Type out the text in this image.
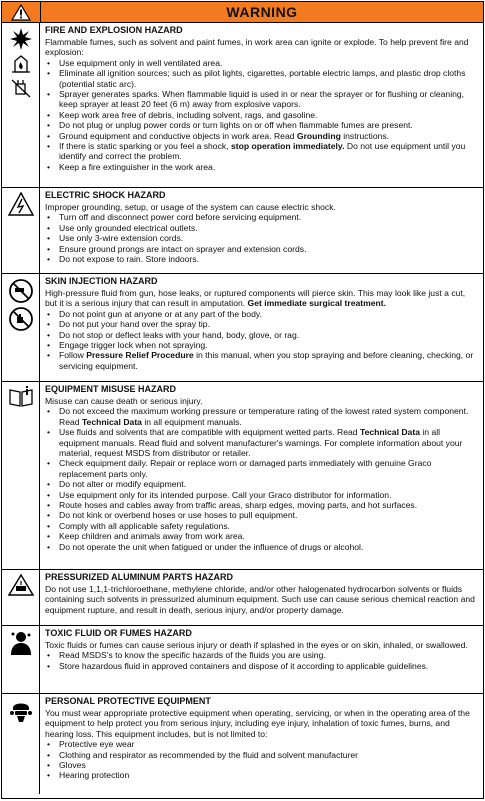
WARNING
FIRE AND EXPLOSION HAZARD

Flammable fumes, such as solvent and paint fumes, in work area can ignite or explode. To help prevent fire and explosion:

• Use equipment only in well ventilated area.
• Eliminate all ignition sources; such as pilot lights, cigarettes, portable electric lamps, and plastic drop cloths (potential static arc).
• Sprayer generates sparks. When flammable liquid is used in or near the sprayer or for flushing or cleaning, keep sprayer at least 20 feet (6 m) away from explosive vapors.
• Keep work area free of debris, including solvent, rags, and gasoline.
• Do not plug or unplug power cords or turn lights on or off when flammable fumes are present.
• Ground equipment and conductive objects in work area. Read Grounding instructions.
• If there is static sparking or you feel a shock, stop operation immediately. Do not use equipment until you identify and correct the problem.
• Keep a fire extinguisher in the work area.
ELECTRIC SHOCK HAZARD

Improper grounding, setup, or usage of the system can cause electric shock.

• Turn off and disconnect power cord before servicing equipment.
• Use only grounded electrical outlets.
• Use only 3-wire extension cords.
• Ensure ground prongs are intact on sprayer and extension cords.
• Do not expose to rain. Store indoors.
SKIN INJECTION HAZARD

High-pressure fluid from gun, hose leaks, or ruptured components will pierce skin. This may look like just a cut, but it is a serious injury that can result in amputation. Get immediate surgical treatment.

• Do not point gun at anyone or at any part of the body.
• Do not put your hand over the spray tip.
• Do not stop or deflect leaks with your hand, body, glove, or rag.
• Engage trigger lock when not spraying.
• Follow Pressure Relief Procedure in this manual, when you stop spraying and before cleaning, checking, or servicing equipment.
EQUIPMENT MISUSE HAZARD

Misuse can cause death or serious injury.

• Do not exceed the maximum working pressure or temperature rating of the lowest rated system component. Read Technical Data in all equipment manuals.
• Use fluids and solvents that are compatible with equipment wetted parts. Read Technical Data in all equipment manuals. Read fluid and solvent manufacturer's warnings. For complete information about your material, request MSDS from distributor or retailer.
• Check equipment daily. Repair or replace worn or damaged parts immediately with genuine Graco replacement parts only.
• Do not alter or modify equipment.
• Use equipment only for its intended purpose. Call your Graco distributor for information.
• Route hoses and cables away from traffic areas, sharp edges, moving parts, and hot surfaces.
• Do not kink or overbend hoses or use hoses to pull equipment.
• Comply with all applicable safety regulations.
• Keep children and animals away from work area.
• Do not operate the unit when fatigued or under the influence of drugs or alcohol.
PRESSURIZED ALUMINUM PARTS HAZARD

Do not use 1,1,1-trichloroethane, methylene chloride, and/or other halogenated hydrocarbon solvents or fluids containing such solvents in pressurized aluminum equipment. Such use can cause serious chemical reaction and equipment rupture, and result in death, serious injury, and/or property damage.

TOXIC FLUID OR FUMES HAZARD

Toxic fluids or fumes can cause serious injury or death if splashed in the eyes or on skin, inhaled, or swallowed.

• Read MSDS's to know the specific hazards of the fluids you are using.
• Store hazardous fluid in approved containers and dispose of it according to applicable guidelines.
PERSONAL PROTECTIVE EQUIPMENT

You must wear appropriate protective equipment when operating, servicing, or when in the operating area of the equipment to help protect you from serious injury, including eye injury, inhalation of toxic fumes, burns, and hearing loss. This equipment includes, but is not limited to:

• Protective eye wear
• Clothing and respirator as recommended by the fluid and solvent manufacturer
• Gloves
• Hearing protection
